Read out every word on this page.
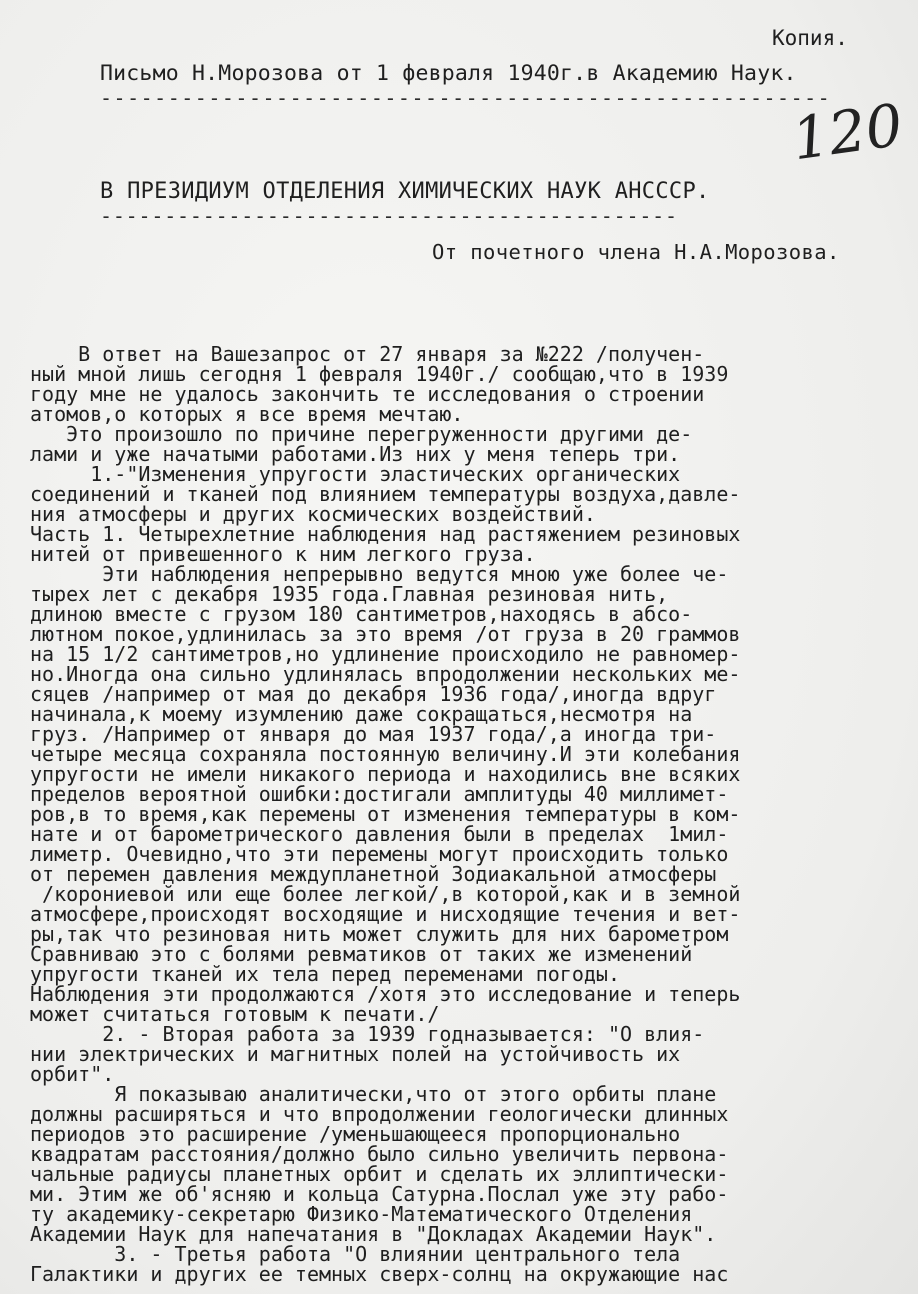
Копия.
Письмо Н.Морозова от 1 февраля 1940г.в Академию Наук.
------------------------------------------------------
120
В ПРЕЗИДИУМ ОТДЕЛЕНИЯ ХИМИЧЕСКИХ НАУК АНСССР.
---------------------------------------------
От почетного члена Н.А.Морозова.
В ответ на Вашезапрос от 27 января за №222 /получен-
ный мной лишь сегодня 1 февраля 1940г./ сообщаю,что в 1939
году мне не удалось закончить те исследования о строении
атомов,о которых я все время мечтаю.
Это произошло по причине перегруженности другими де-
лами и уже начатыми работами.Из них у меня теперь три.
1.-"Изменения упругости эластических органических
соединений и тканей под влиянием температуры воздуха,давле-
ния атмосферы и других космических воздействий.
Часть 1. Четырехлетние наблюдения над растяжением резиновых
нитей от привешенного к ним легкого груза.
Эти наблюдения непрерывно ведутся мною уже более че-
тырех лет с декабря 1935 года.Главная резиновая нить,
длиною вместе с грузом 180 сантиметров,находясь в абсо-
лютном покое,удлинилась за это время /от груза в 20 граммов
на 15 1/2 сантиметров,но удлинение происходило не равномер-
но.Иногда она сильно удлинялась впродолжении нескольких ме-
сяцев /например от мая до декабря 1936 года/,иногда вдруг
начинала,к моему изумлению даже сокращаться,несмотря на
груз. /Например от января до мая 1937 года/,а иногда три-
четыре месяца сохраняла постоянную величину.И эти колебания
упругости не имели никакого периода и находились вне всяких
пределов вероятной ошибки:достигали амплитуды 40 миллимет-
ров,в то время,как перемены от изменения температуры в ком-
нате и от барометрического давления были в пределах  1мил-
лиметр. Очевидно,что эти перемены могут происходить только
от перемен давления междупланетной Зодиакальной атмосферы
/корониевой или еще более легкой/,в которой,как и в земной
атмосфере,происходят восходящие и нисходящие течения и вет-
ры,так что резиновая нить может служить для них барометром
Сравниваю это с болями ревматиков от таких же изменений
упругости тканей их тела перед переменами погоды.
Наблюдения эти продолжаются /хотя это исследование и теперь
может считаться готовым к печати./
2. - Вторая работа за 1939 годназывается: "О влия-
нии электрических и магнитных полей на устойчивость их
орбит".
Я показываю аналитически,что от этого орбиты плане
должны расширяться и что впродолжении геологически длинных
периодов это расширение /уменьшающееся пропорционально
квадратам расстояния/должно было сильно увеличить первона-
чальные радиусы планетных орбит и сделать их эллиптически-
ми. Этим же об'ясняю и кольца Сатурна.Послал уже эту рабо-
ту академику-секретарю Физико-Математического Отделения
Академии Наук для напечатания в "Докладах Академии Наук".
3. - Третья работа "О влиянии центрального тела
Галактики и других ее темных сверх-солнц на окружающие нас
